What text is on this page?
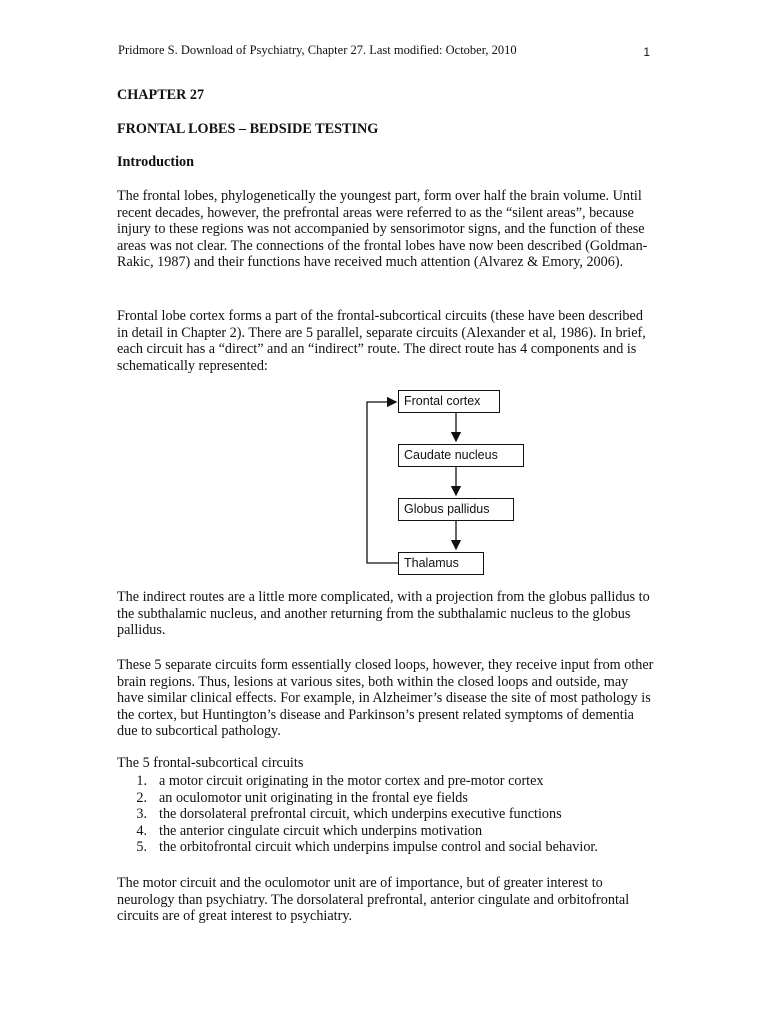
Pridmore S. Download of Psychiatry, Chapter 27. Last modified: October, 2010	1

CHAPTER 27

FRONTAL LOBES – BEDSIDE TESTING

Introduction

The frontal lobes, phylogenetically the youngest part, form over half the brain volume. Until recent decades, however, the prefrontal areas were referred to as the “silent areas”, because injury to these regions was not accompanied by sensorimotor signs, and the function of these areas was not clear. The connections of the frontal lobes have now been described (Goldman-Rakic, 1987) and their functions have received much attention (Alvarez & Emory, 2006).

Frontal lobe cortex forms a part of the frontal-subcortical circuits (these have been described in detail in Chapter 2). There are 5 parallel, separate circuits (Alexander et al, 1986). In brief, each circuit has a “direct” and an “indirect” route. The direct route has 4 components and is schematically represented:

The indirect routes are a little more complicated, with a projection from the globus pallidus to the subthalamic nucleus, and another returning from the subthalamic nucleus to the globus pallidus.

These 5 separate circuits form essentially closed loops, however, they receive input from other brain regions. Thus, lesions at various sites, both within the closed loops and outside, may have similar clinical effects. For example, in Alzheimer’s disease the site of most pathology is the cortex, but Huntington’s disease and Parkinson’s present related symptoms of dementia due to subcortical pathology.

The 5 frontal-subcortical circuits

1. a motor circuit originating in the motor cortex and pre-motor cortex
2. an oculomotor unit originating in the frontal eye fields
3. the dorsolateral prefrontal circuit, which underpins executive functions
4. the anterior cingulate circuit which underpins motivation
5. the orbitofrontal circuit which underpins impulse control and social behavior.

The motor circuit and the oculomotor unit are of importance, but of greater interest to neurology than psychiatry. The dorsolateral prefrontal, anterior cingulate and orbitofrontal circuits are of great interest to psychiatry.

Frontal cortex
Caudate nucleus
Globus pallidus
Thalamus
